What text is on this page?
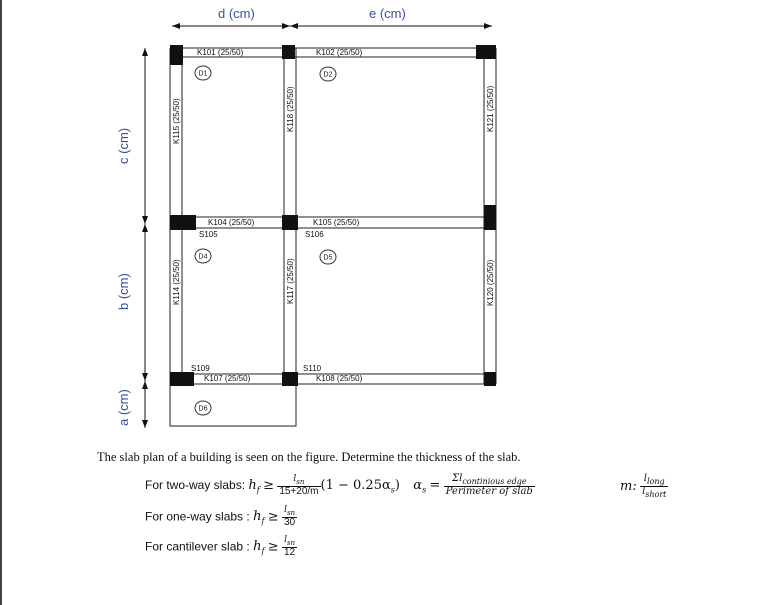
d (cm)	e (cm)
c (cm)
b (cm)
a (cm)
K101 (25/50)	K102 (25/50)
K104 (25/50)	K105 (25/50)
K107 (25/50)	K108 (25/50)
K115 (25/50)
K114 (25/50)
K118 (25/50)
K117 (25/50)
K121 (25/50)
K120 (25/50)
S105	S106
S109	S110
D1	D2
D4	D5
D6
The slab plan of a building is seen on the figure. Determine the thickness of the slab.
For two-way slabs: $h_f \ge \frac{l_{sn}}{15+20/m} (1 - 0.25\alpha_s) \alpha_s = \frac{\Sigma l_{continious edge}}{\text{Perimeter of slab}}$	m: $\frac{l_{long}}{l_{short}}$
For one-way slabs : $h_f \ge \frac{l_{sn}}{30}$
For cantilever slab : $h_f \ge \frac{l_{sn}}{12}$
